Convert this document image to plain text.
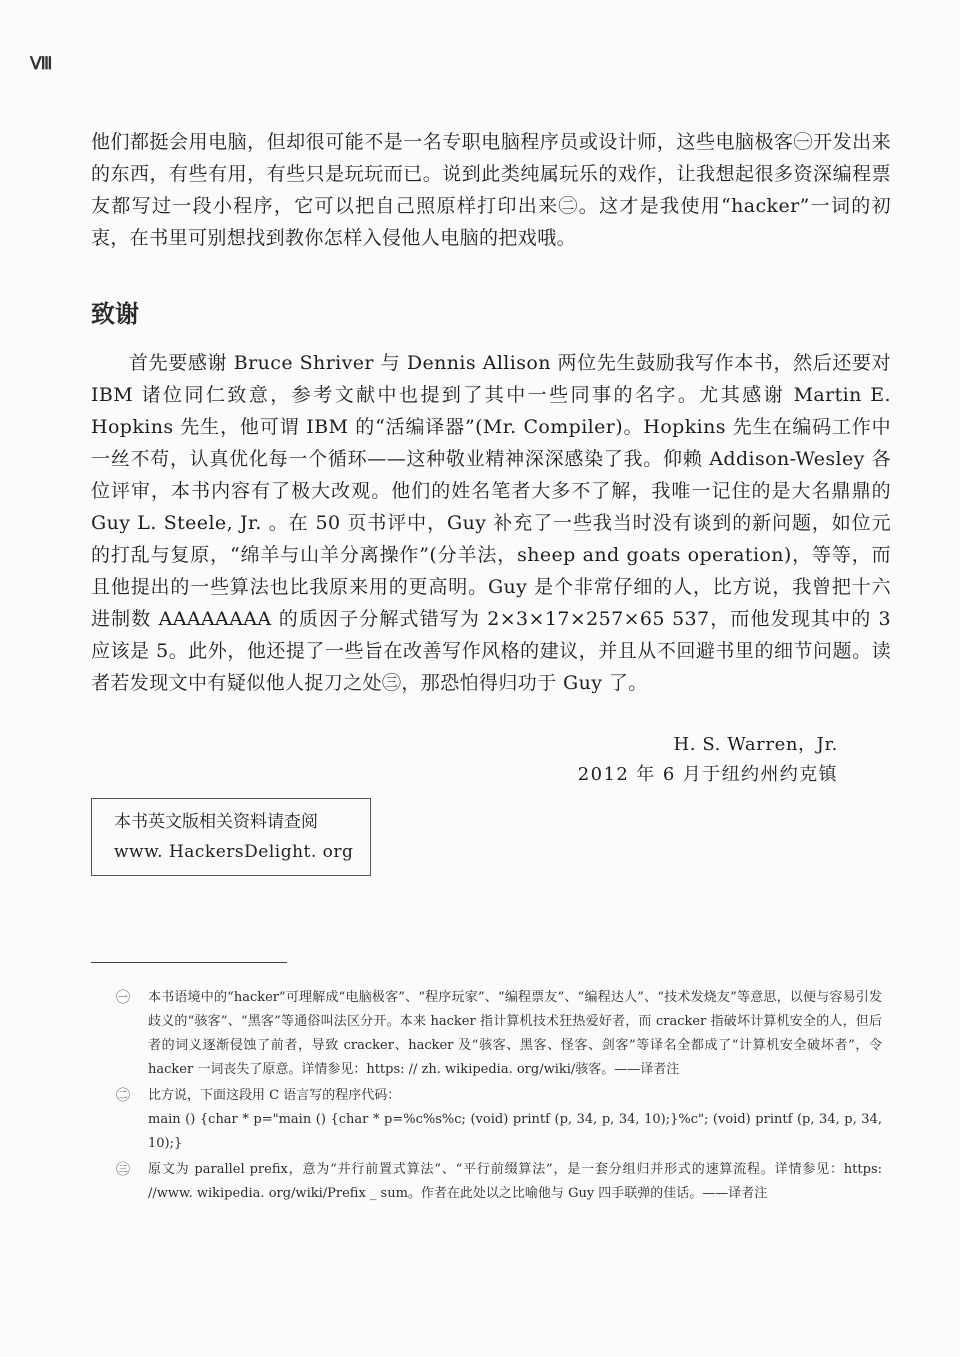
Ⅷ

他们都挺会用电脑，但却很可能不是一名专职电脑程序员或设计师，这些电脑极客㊀开发出来的东西，有些有用，有些只是玩玩而已。说到此类纯属玩乐的戏作，让我想起很多资深编程票友都写过一段小程序，它可以把自己照原样打印出来㊁。这才是我使用“hacker”一词的初衷，在书里可别想找到教你怎样入侵他人电脑的把戏哦。

致谢

首先要感谢 Bruce Shriver 与 Dennis Allison 两位先生鼓励我写作本书，然后还要对 IBM 诸位同仁致意，参考文献中也提到了其中一些同事的名字。尤其感谢 Martin E. Hopkins 先生，他可谓 IBM 的“活编译器”(Mr. Compiler)。Hopkins 先生在编码工作中一丝不苟，认真优化每一个循环——这种敬业精神深深感染了我。仰赖 Addison-Wesley 各位评审，本书内容有了极大改观。他们的姓名笔者大多不了解，我唯一记住的是大名鼎鼎的 Guy L. Steele, Jr. 。在 50 页书评中，Guy 补充了一些我当时没有谈到的新问题，如位元的打乱与复原，“绵羊与山羊分离操作”(分羊法，sheep and goats operation)，等等，而且他提出的一些算法也比我原来用的更高明。Guy 是个非常仔细的人，比方说，我曾把十六进制数 AAAAAAAA 的质因子分解式错写为 2×3×17×257×65 537，而他发现其中的 3 应该是 5。此外，他还提了一些旨在改善写作风格的建议，并且从不回避书里的细节问题。读者若发现文中有疑似他人捉刀之处㊂，那恐怕得归功于 Guy 了。

H. S. Warren，Jr.

2012 年 6 月于纽约州约克镇

本书英文版相关资料请查阅
www. HackersDelight. org
㊀ 本书语境中的“hacker”可理解成“电脑极客”、“程序玩家”、“编程票友”、“编程达人”、“技术发烧友”等意思，以便与容易引发歧义的“骇客”、“黑客”等通俗叫法区分开。本来 hacker 指计算机技术狂热爱好者，而 cracker 指破坏计算机安全的人，但后者的词义逐渐侵蚀了前者，导致 cracker、hacker 及“骇客、黑客、怪客、剑客”等译名全都成了“计算机安全破坏者”，令 hacker 一词丧失了原意。详情参见：https: // zh. wikipedia. org/wiki/骇客。——译者注
㊁ 比方说，下面这段用 C 语言写的程序代码：
main () {char * p="main () {char * p=%c%s%c; (void) printf (p, 34, p, 34, 10);}%c"; (void) printf (p, 34, p, 34, 10);}
㊂ 原文为 parallel prefix，意为“并行前置式算法”、“平行前缀算法”，是一套分组归并形式的速算流程。详情参见：https: //www. wikipedia. org/wiki/Prefix _ sum。作者在此处以之比喻他与 Guy 四手联弹的佳话。——译者注
